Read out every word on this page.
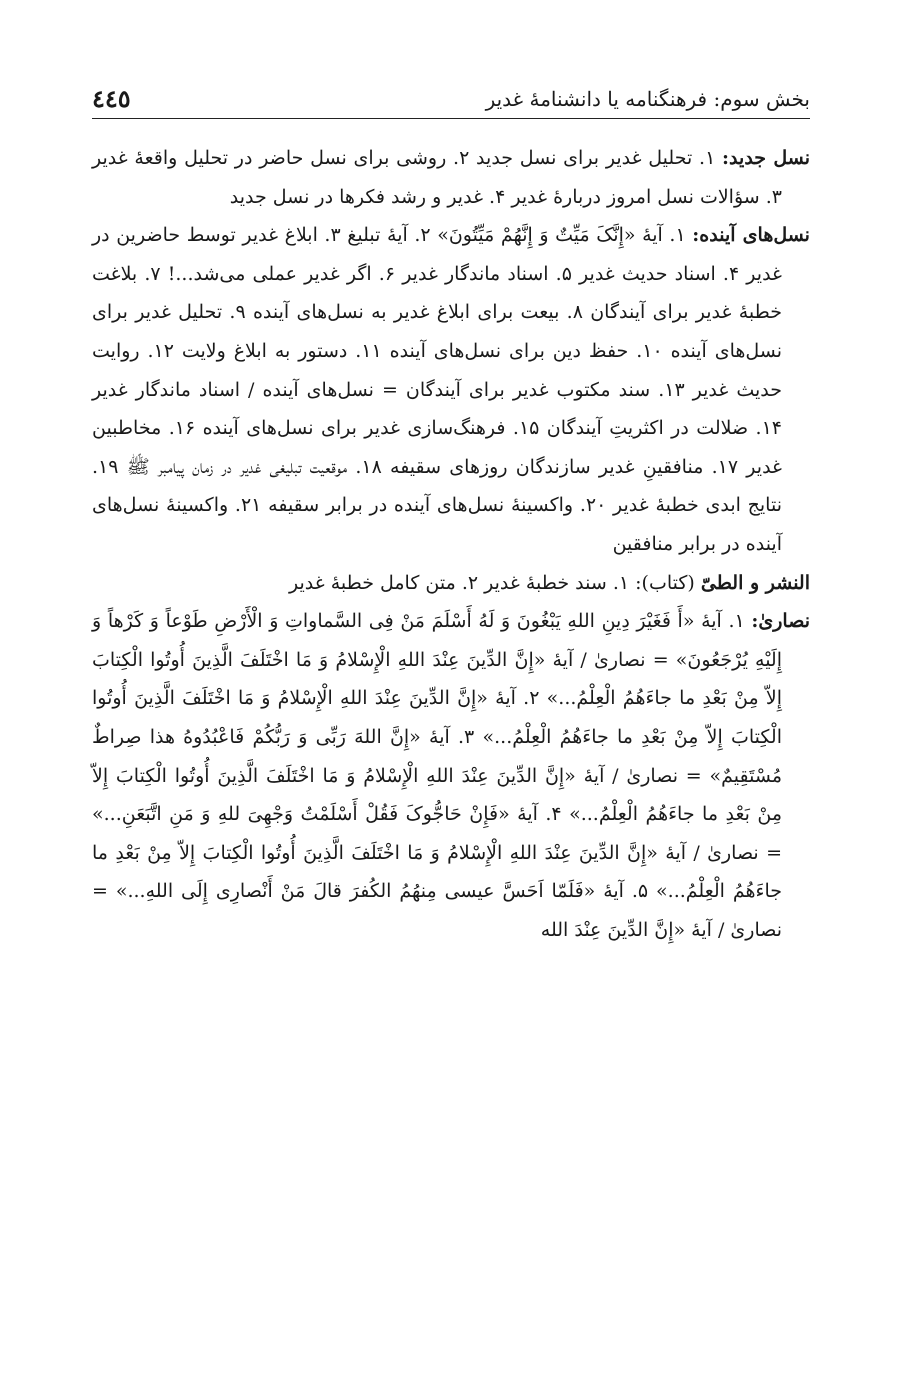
بخش سوم: فرهنگنامه یا دانشنامهٔ غدیر
٤٤٥

نسل جدید: ۱. تحلیل غدیر برای نسل جدید ۲. روشی برای نسل حاضر در تحلیل واقعهٔ غدیر ۳. سؤالات نسل امروز دربارهٔ غدیر ۴. غدیر و رشد فکرها در نسل جدید

نسل‌های آینده: ۱. آیهٔ «إِنَّکَ مَیِّتٌ وَ إِنَّهُمْ مَیِّتُونَ» ۲. آیهٔ تبلیغ ۳. ابلاغ غدیر توسط حاضرین در غدیر ۴. اسناد حدیث غدیر ۵. اسناد ماندگار غدیر ۶. اگر غدیر عملی می‌شد...! ۷. بلاغت خطبهٔ غدیر برای آیندگان ۸. بیعت برای ابلاغ غدیر به نسل‌های آینده ۹. تحلیل غدیر برای نسل‌های آینده ۱۰. حفظ دین برای نسل‌های آینده ۱۱. دستور به ابلاغ ولایت ۱۲. روایت حدیث غدیر ۱۳. سند مکتوب غدیر برای آیندگان = نسل‌های آینده / اسناد ماندگار غدیر ۱۴. ضلالت در اکثریتِ آیندگان ۱۵. فرهنگ‌سازی غدیر برای نسل‌های آینده ۱۶. مخاطبین غدیر ۱۷. منافقینِ غدیر سازندگان روزهای سقیفه ۱۸. موقعیت تبلیغی غدیر در زمان پیامبر ﷺ ۱۹. نتایج ابدی خطبهٔ غدیر ۲۰. واکسینهٔ نسل‌های آینده در برابر سقیفه ۲۱. واکسینهٔ نسل‌های آینده در برابر منافقین

النشر و الطیّ (کتاب): ۱. سند خطبهٔ غدیر ۲. متن کامل خطبهٔ غدیر

نصاریٰ: ۱. آیهٔ «أَ فَغَیْرَ دِینِ اللهِ یَبْغُونَ وَ لَهُ أَسْلَمَ مَنْ فِی السَّماواتِ وَ الْأَرْضِ طَوْعاً وَ کَرْهاً وَ إِلَیْهِ یُرْجَعُونَ» = نصاریٰ / آیهٔ «إِنَّ الدِّینَ عِنْدَ اللهِ الْإِسْلامُ وَ مَا اخْتَلَفَ الَّذِینَ أُوتُوا الْکِتابَ إِلاّ مِنْ بَعْدِ ما جاءَهُمُ الْعِلْمُ...» ۲. آیهٔ «إِنَّ الدِّینَ عِنْدَ اللهِ الْإِسْلامُ وَ مَا اخْتَلَفَ الَّذِینَ أُوتُوا الْکِتابَ إِلاّ مِنْ بَعْدِ ما جاءَهُمُ الْعِلْمُ...» ۳. آیهٔ «إِنَّ اللهَ رَبِّی وَ رَبُّکُمْ فَاعْبُدُوهُ هذا صِراطٌ مُسْتَقِیمٌ» = نصاریٰ / آیهٔ «إِنَّ الدِّینَ عِنْدَ اللهِ الْإِسْلامُ وَ مَا اخْتَلَفَ الَّذِینَ أُوتُوا الْکِتابَ إِلاّ مِنْ بَعْدِ ما جاءَهُمُ الْعِلْمُ...» ۴. آیهٔ «فَإِنْ حَاجُّوکَ فَقُلْ أَسْلَمْتُ وَجْهِیَ للهِ وَ مَنِ اتَّبَعَنِ...» = نصاریٰ / آیهٔ «إِنَّ الدِّینَ عِنْدَ اللهِ الْإِسْلامُ وَ مَا اخْتَلَفَ الَّذِینَ أُوتُوا الْکِتابَ إِلاّ مِنْ بَعْدِ ما جاءَهُمُ الْعِلْمُ...» ۵. آیهٔ «فَلَمّا اَحَسَّ عیسی مِنهُمُ الکُفرَ قالَ مَنْ أَنْصارِی إِلَی اللهِ...» = نصاریٰ / آیهٔ «إِنَّ الدِّینَ عِنْدَ الله
